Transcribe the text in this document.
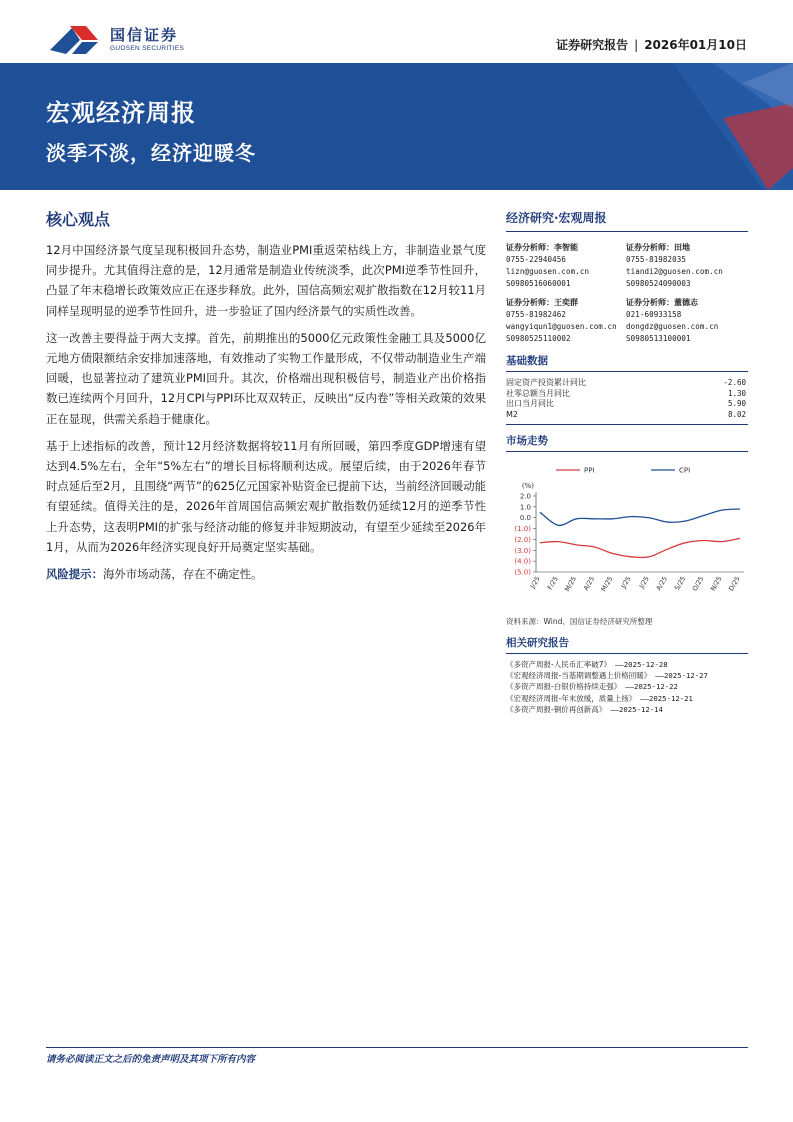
国信证券
GUOSEN SECURITIES	证券研究报告 | 2026年01月10日
宏观经济周报
淡季不淡，经济迎暖冬
核心观点

12月中国经济景气度呈现积极回升态势，制造业PMI重返荣枯线上方，非制造业景气度同步提升。尤其值得注意的是，12月通常是制造业传统淡季，此次PMI逆季节性回升，凸显了年末稳增长政策效应正在逐步释放。此外，国信高频宏观扩散指数在12月较11月同样呈现明显的逆季节性回升，进一步验证了国内经济景气的实质性改善。

这一改善主要得益于两大支撑。首先，前期推出的5000亿元政策性金融工具及5000亿元地方债限额结余安排加速落地，有效推动了实物工作量形成，不仅带动制造业生产端回暖，也显著拉动了建筑业PMI回升。其次，价格端出现积极信号，制造业产出价格指数已连续两个月回升，12月CPI与PPI环比双双转正，反映出“反内卷”等相关政策的效果正在显现，供需关系趋于健康化。

基于上述指标的改善，预计12月经济数据将较11月有所回暖，第四季度GDP增速有望达到4.5%左右，全年“5%左右”的增长目标将顺利达成。展望后续，由于2026年春节时点延后至2月，且围绕“两节”的625亿元国家补贴资金已提前下达，当前经济回暖动能有望延续。值得关注的是，2026年首周国信高频宏观扩散指数仍延续12月的逆季节性上升态势，这表明PMI的扩张与经济动能的修复并非短期波动，有望至少延续至2026年1月，从而为2026年经济实现良好开局奠定坚实基础。

风险提示：海外市场动荡，存在不确定性。
经济研究·宏观周报
证券分析师：李智能
0755-22940456
lizn@guosen.com.cn
S0980516060001
证券分析师：田地
0755-81982035
tiandi2@guosen.com.cn
S0980524090003
证券分析师：王奕群
0755-81982462
wangyiqun1@guosen.com.cn
S0980525110002
证券分析师：董德志
021-60933158
dongdz@guosen.com.cn
S0980513100001
基础数据
固定资产投资累计同比	-2.60
社零总额当月同比	1.30
出口当月同比	5.90
M2	8.02
市场走势
(%)
(5.0)
(4.0)
(3.0)
(2.0)
(1.0)
0.0
1.0
2.0
J/25 F/25 M/25 A/25 M/25 J/25 J/25 A/25 S/25 O/25 N/25 D/25
PPI	CPI
资料来源：Wind、国信证券经济研究所整理
相关研究报告
《多资产周报-人民币汇率破7》 ——2025-12-28
《宏观经济周报-当基期调整遇上价格回暖》 ——2025-12-27
《多资产周报-白银价格持续走强》 ——2025-12-22
《宏观经济周报-年末放缓，质量上扬》 ——2025-12-21
《多资产周报-铜价再创新高》 ——2025-12-14
请务必阅读正文之后的免责声明及其项下所有内容
